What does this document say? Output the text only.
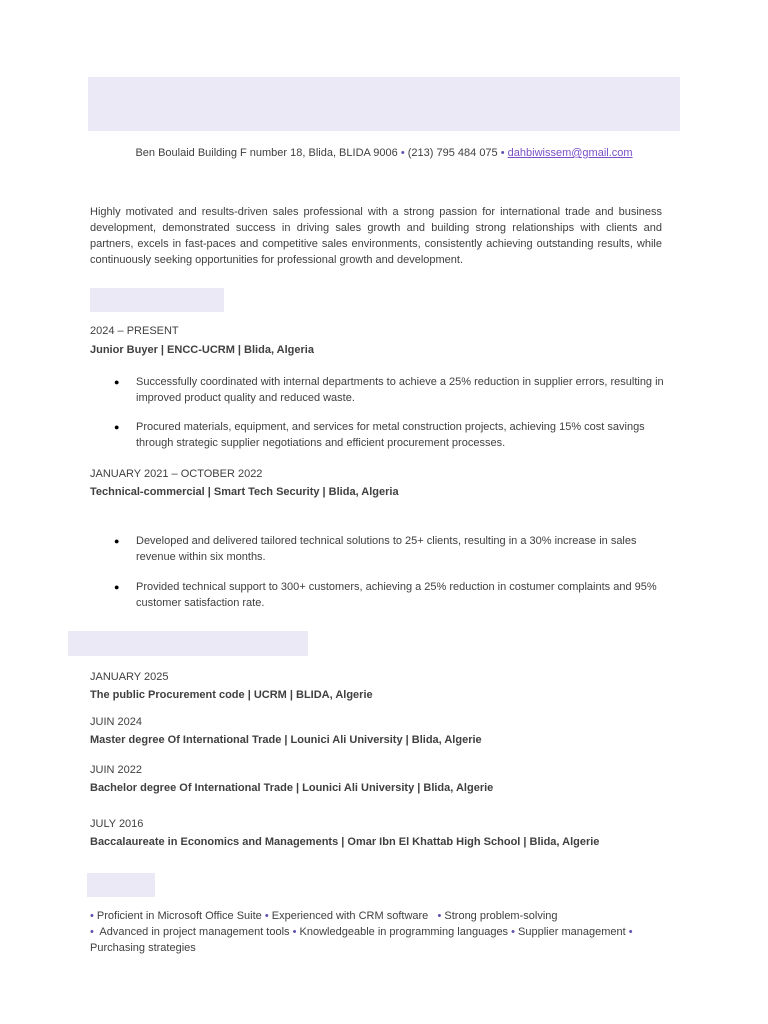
Ben Boulaid Building F number 18, Blida, BLIDA 9006 • (213) 795 484 075 • dahbiwissem@gmail.com
Highly motivated and results-driven sales professional with a strong passion for international trade and business development, demonstrated success in driving sales growth and building strong relationships with clients and partners, excels in fast-paces and competitive sales environments, consistently achieving outstanding results, while continuously seeking opportunities for professional growth and development.
2024 – PRESENT
Junior Buyer | ENCC-UCRM | Blida, Algeria
● Successfully coordinated with internal departments to achieve a 25% reduction in supplier errors, resulting in improved product quality and reduced waste.
● Procured materials, equipment, and services for metal construction projects, achieving 15% cost savings through strategic supplier negotiations and efficient procurement processes.
JANUARY 2021 – OCTOBER 2022
Technical-commercial | Smart Tech Security | Blida, Algeria
● Developed and delivered tailored technical solutions to 25+ clients, resulting in a 30% increase in sales revenue within six months.
● Provided technical support to 300+ customers, achieving a 25% reduction in costumer complaints and 95% customer satisfaction rate.
JANUARY 2025
The public Procurement code | UCRM | BLIDA, Algerie
JUIN 2024
Master degree Of International Trade | Lounici Ali University | Blida, Algerie
JUIN 2022
Bachelor degree Of International Trade | Lounici Ali University | Blida, Algerie
JULY 2016
Baccalaureate in Economics and Managements | Omar Ibn El Khattab High School | Blida, Algerie
• Proficient in Microsoft Office Suite • Experienced with CRM software • Strong problem-solving
• Advanced in project management tools • Knowledgeable in programming languages • Supplier management • Purchasing strategies
